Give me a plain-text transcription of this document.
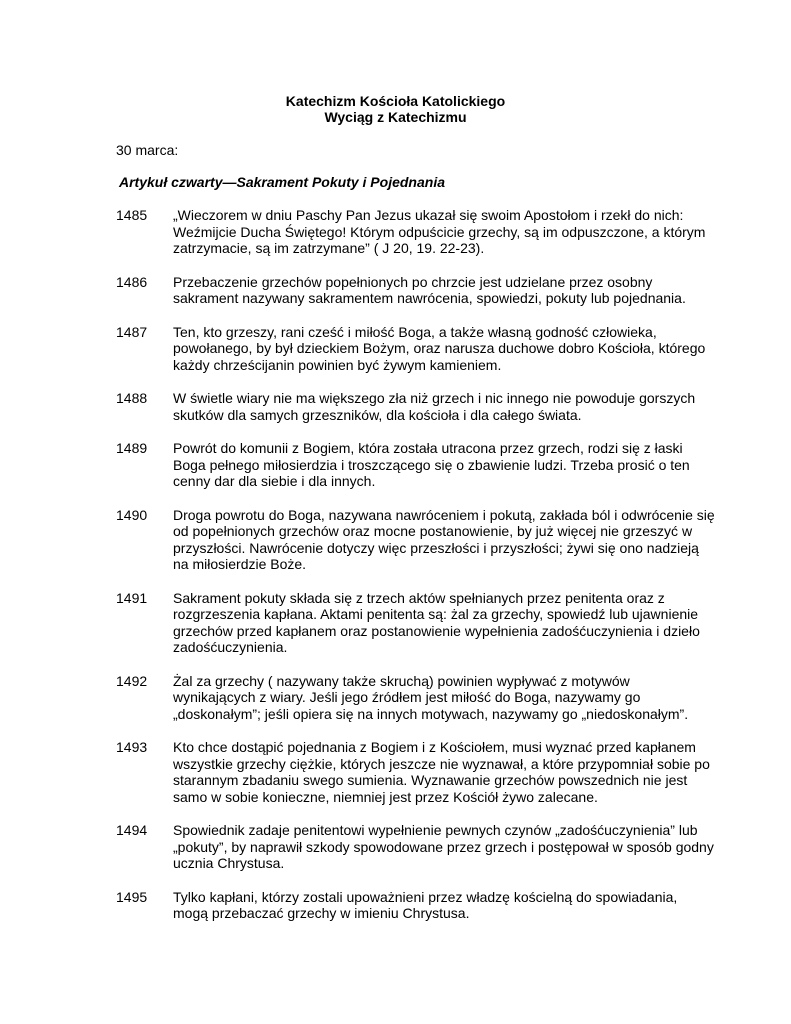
Katechizm Kościoła Katolickiego
Wyciąg z Katechizmu
30 marca:
Artykuł czwarty—Sakrament Pokuty i Pojednania
1485	„Wieczorem w dniu Paschy Pan Jezus ukazał się swoim Apostołom i rzekł do nich: Weźmijcie Ducha Świętego! Którym odpuścicie grzechy, są im odpuszczone, a którym zatrzymacie, są im zatrzymane” ( J 20, 19. 22-23).
1486	Przebaczenie grzechów popełnionych po chrzcie jest udzielane przez osobny sakrament nazywany sakramentem nawrócenia, spowiedzi, pokuty lub pojednania.
1487	Ten, kto grzeszy, rani cześć i miłość Boga, a także własną godność człowieka, powołanego, by był dzieckiem Bożym, oraz narusza duchowe dobro Kościoła, którego każdy chrześcijanin powinien być żywym kamieniem.
1488	W świetle wiary nie ma większego zła niż grzech i nic innego nie powoduje gorszych skutków dla samych grzeszników, dla kościoła i dla całego świata.
1489	Powrót do komunii z Bogiem, która została utracona przez grzech, rodzi się z łaski Boga pełnego miłosierdzia i troszczącego się o zbawienie ludzi. Trzeba prosić o ten cenny dar dla siebie i dla innych.
1490	Droga powrotu do Boga, nazywana nawróceniem i pokutą, zakłada ból i odwrócenie się od popełnionych grzechów oraz mocne postanowienie, by już więcej nie grzeszyć w przyszłości. Nawrócenie dotyczy więc przeszłości i przyszłości; żywi się ono nadzieją na miłosierdzie Boże.
1491	Sakrament pokuty składa się z trzech aktów spełnianych przez penitenta oraz z rozgrzeszenia kapłana. Aktami penitenta są: żal za grzechy, spowiedź lub ujawnienie grzechów przed kapłanem oraz postanowienie wypełnienia zadośćuczynienia i dzieło zadośćuczynienia.
1492	Żal za grzechy ( nazywany także skruchą) powinien wypływać z motywów wynikających z wiary. Jeśli jego źródłem jest miłość do Boga, nazywamy go „doskonałym”; jeśli opiera się na innych motywach, nazywamy go „niedoskonałym”.
1493	Kto chce dostąpić pojednania z Bogiem i z Kościołem, musi wyznać przed kapłanem wszystkie grzechy ciężkie, których jeszcze nie wyznawał, a które przypomniał sobie po starannym zbadaniu swego sumienia. Wyznawanie grzechów powszednich nie jest samo w sobie konieczne, niemniej jest przez Kościół żywo zalecane.
1494	Spowiednik zadaje penitentowi wypełnienie pewnych czynów „zadośćuczynienia” lub „pokuty”, by naprawił szkody spowodowane przez grzech i postępował w sposób godny ucznia Chrystusa.
1495	Tylko kapłani, którzy zostali upoważnieni przez władzę kościelną do spowiadania, mogą przebaczać grzechy w imieniu Chrystusa.
